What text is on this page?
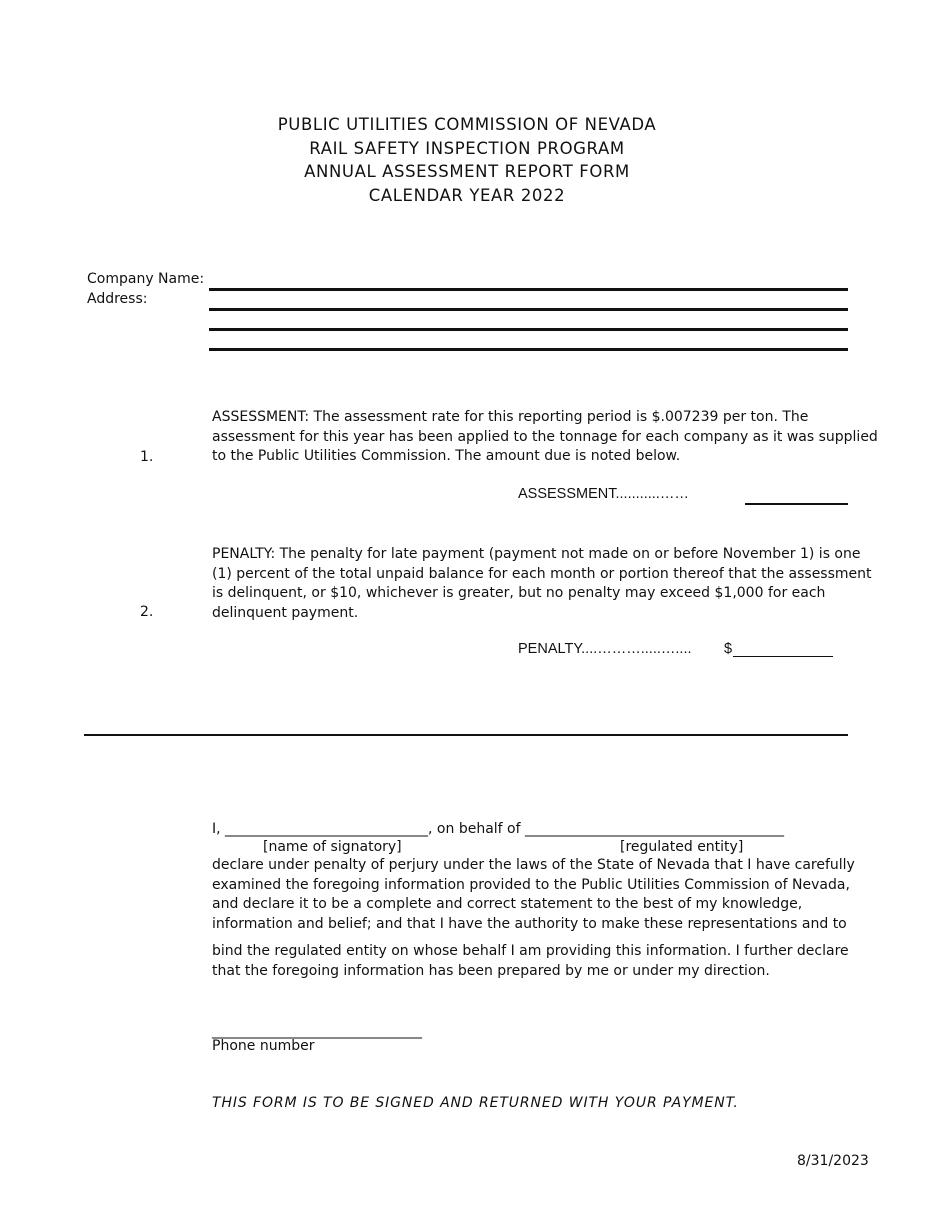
PUBLIC UTILITIES COMMISSION OF NEVADA
RAIL SAFETY INSPECTION PROGRAM
ANNUAL ASSESSMENT REPORT FORM
CALENDAR YEAR 2022
Company Name:
Address:
1.
ASSESSMENT: The assessment rate for this reporting period is $.007239 per ton. The
assessment for this year has been applied to the tonnage for each company as it was supplied
to the Public Utilities Commission. The amount due is noted below.
ASSESSMENT...........……
2.
PENALTY: The penalty for late payment (payment not made on or before November 1) is one
(1) percent of the total unpaid balance for each month or portion thereof that the assessment
is delinquent, or $10, whichever is greater, but no penalty may exceed $1,000 for each
delinquent payment.
PENALTY....……….....….... $
I, _____________________________, on behalf of _____________________________________
[name of signatory]	[regulated entity]
declare under penalty of perjury under the laws of the State of Nevada that I have carefully
examined the foregoing information provided to the Public Utilities Commission of Nevada,
and declare it to be a complete and correct statement to the best of my knowledge,
information and belief; and that I have the authority to make these representations and to
bind the regulated entity on whose behalf I am providing this information. I further declare
that the foregoing information has been prepared by me or under my direction.
______________________________
Phone number
THIS FORM IS TO BE SIGNED AND RETURNED WITH YOUR PAYMENT.
8/31/2023
